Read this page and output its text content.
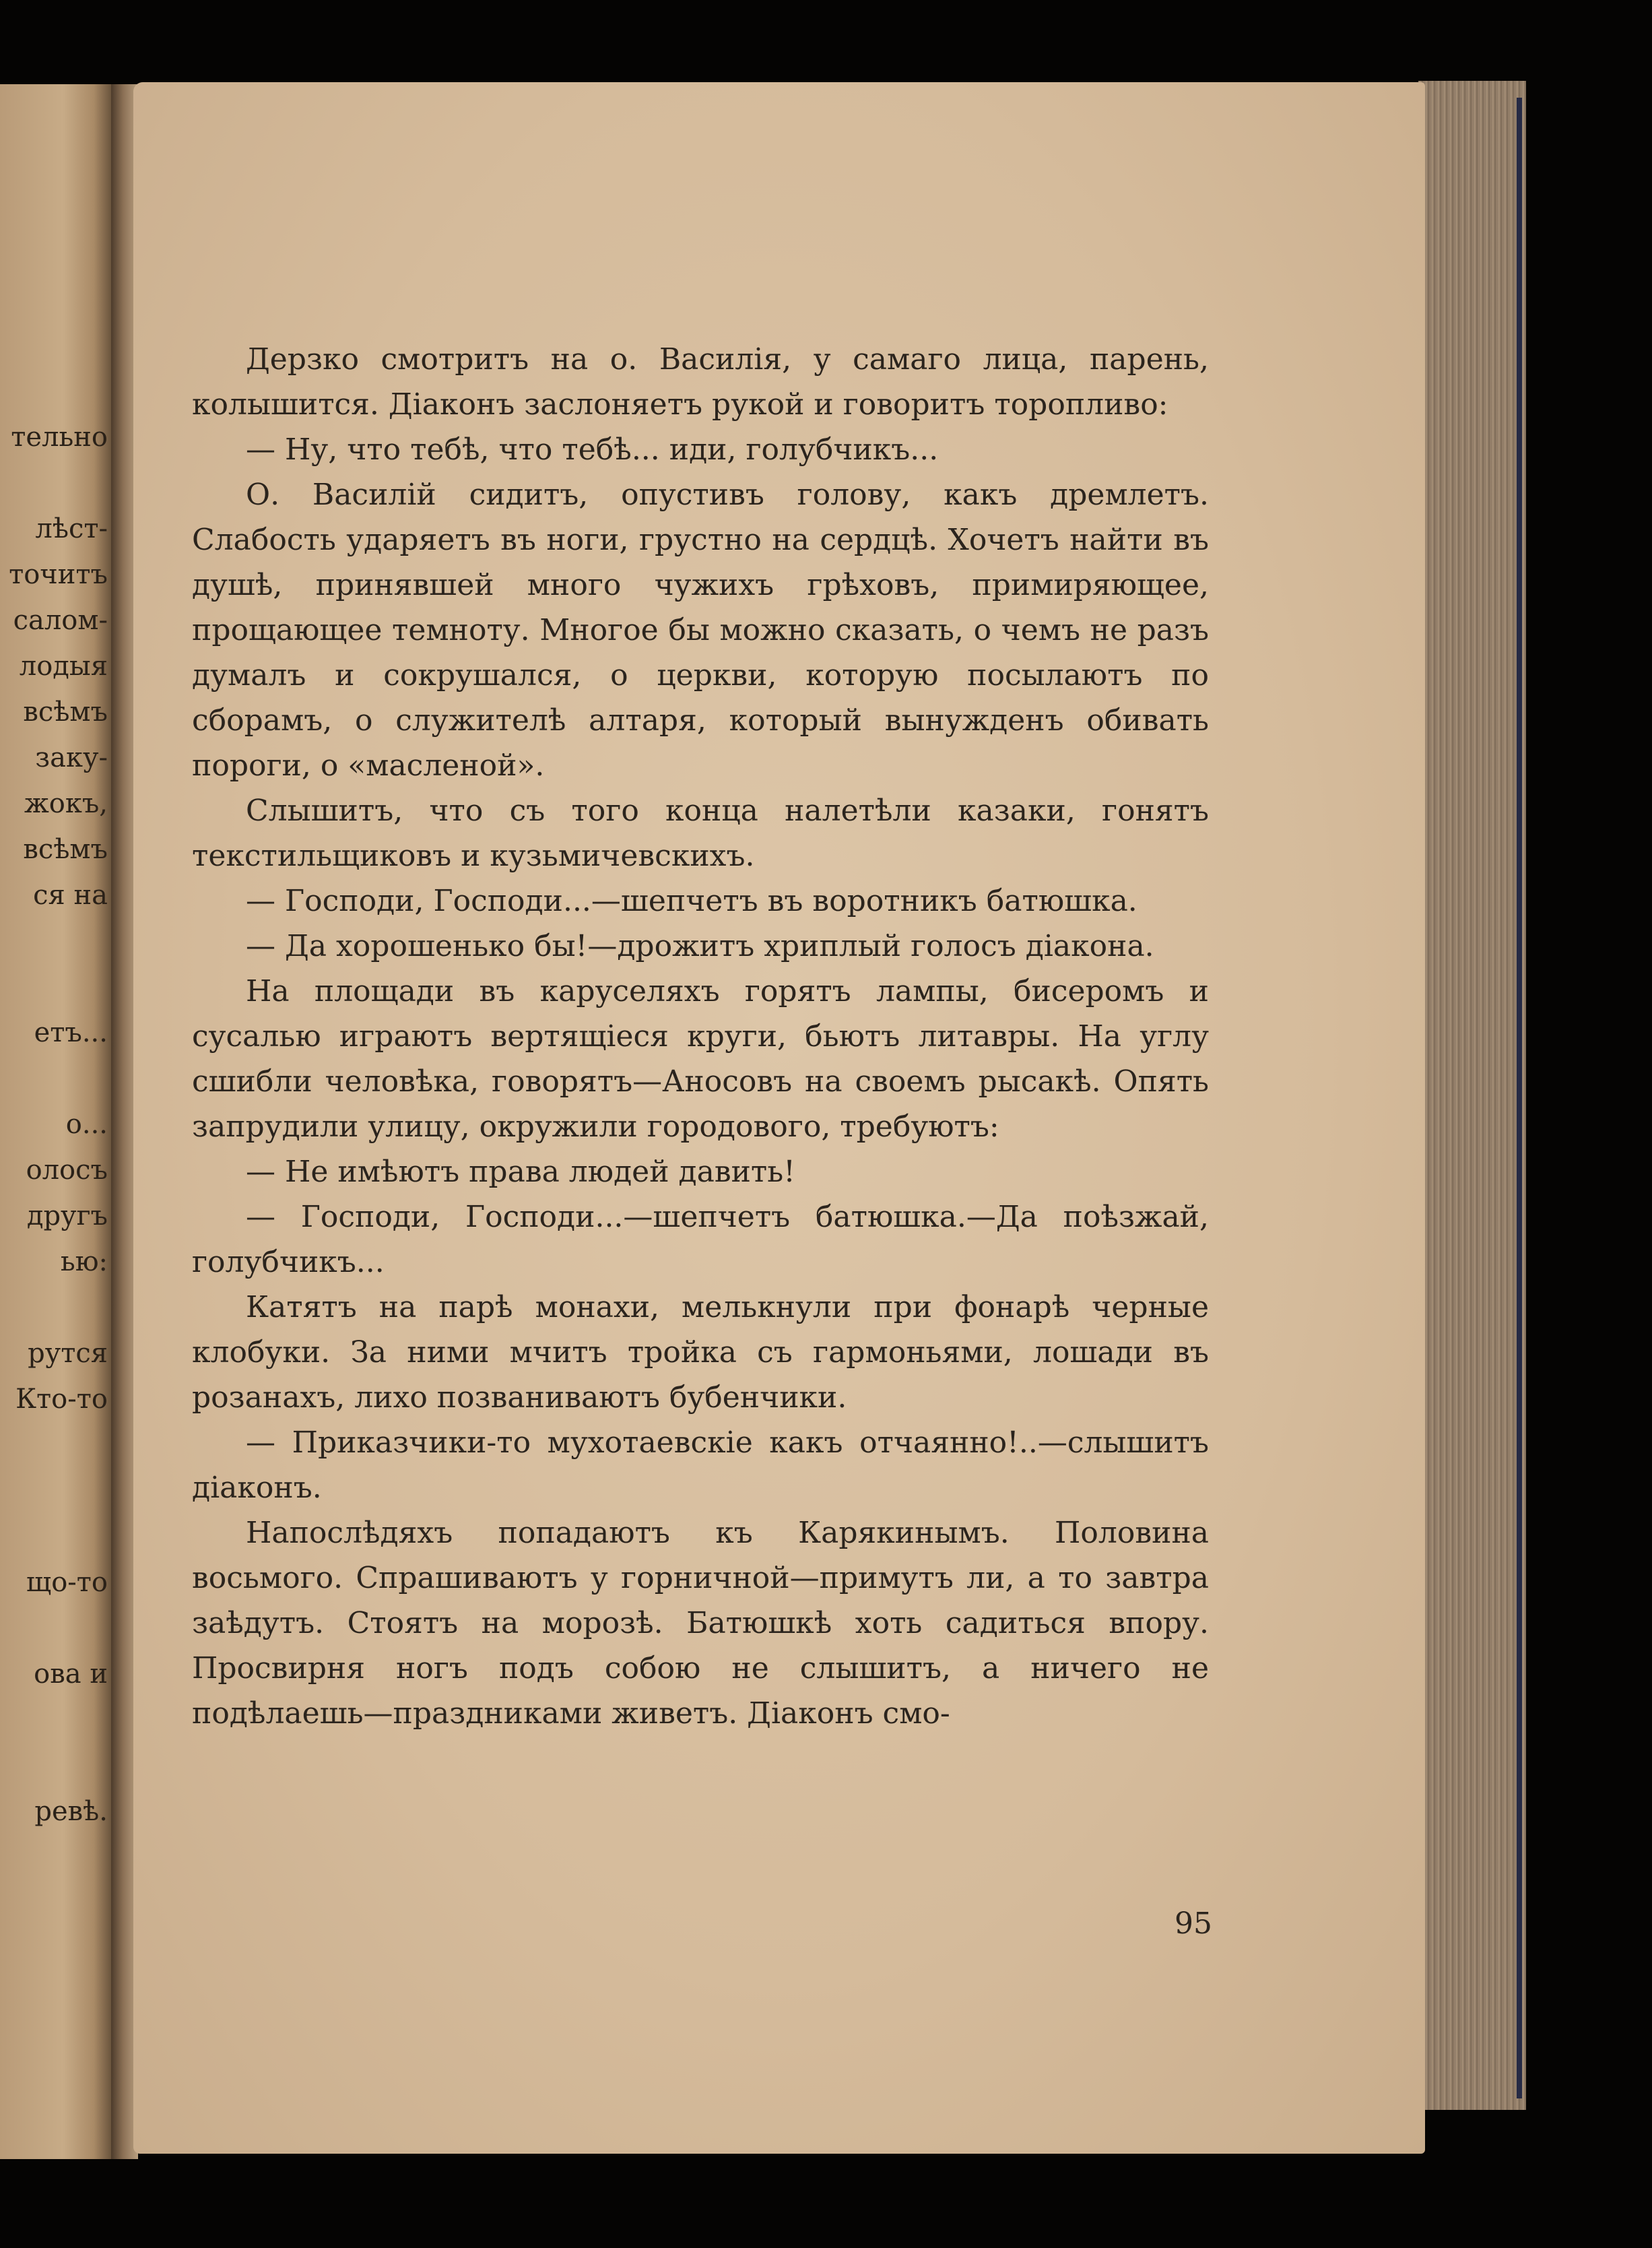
тельно
лѣст-
точитъ
салом-
лодыя
всѣмъ
заку-
жокъ,
всѣмъ
ся на
етъ...
о...
олосъ
другъ
ью:
рутся
Кто-то
що-то
ова и
ревѣ.

Дерзко смотритъ на о. Василія, у самаго лица, парень, колышится. Діаконъ заслоняетъ рукой и говоритъ торопливо:

— Ну, что тебѣ, что тебѣ... иди, голубчикъ...

О. Василій сидитъ, опустивъ голову, какъ дремлетъ. Слабость ударяетъ въ ноги, грустно на сердцѣ. Хочетъ найти въ душѣ, принявшей много чужихъ грѣховъ, примиряющее, прощающее темноту. Многое бы можно сказать, о чемъ не разъ думалъ и сокрушался, о церкви, которую посылаютъ по сборамъ, о служителѣ алтаря, который вынужденъ обивать пороги, о «масленой».

Слышитъ, что съ того конца налетѣли казаки, гонятъ текстильщиковъ и кузьмичевскихъ.

— Господи, Господи...—шепчетъ въ воротникъ батюшка.

— Да хорошенько бы!—дрожитъ хриплый голосъ діакона.

На площади въ каруселяхъ горятъ лампы, бисеромъ и сусалью играютъ вертящіеся круги, бьютъ литавры. На углу сшибли человѣка, говорятъ—Аносовъ на своемъ рысакѣ. Опять запрудили улицу, окружили городового, требуютъ:

— Не имѣютъ права людей давить!

— Господи, Господи...—шепчетъ батюшка.—Да поѣзжай, голубчикъ...

Катятъ на парѣ монахи, мелькнули при фонарѣ черные клобуки. За ними мчитъ тройка съ гармоньями, лошади въ розанахъ, лихо позваниваютъ бубенчики.

— Приказчики-то мухотаевскіе какъ отчаянно!..—слышитъ діаконъ.

Напослѣдяхъ попадаютъ къ Карякинымъ. Половина восьмого. Спрашиваютъ у горничной—примутъ ли, а то завтра заѣдутъ. Стоятъ на морозѣ. Батюшкѣ хоть садиться впору. Просвирня ногъ подъ собою не слышитъ, а ничего не подѣлаешь—праздниками живетъ. Діаконъ смо-

95
